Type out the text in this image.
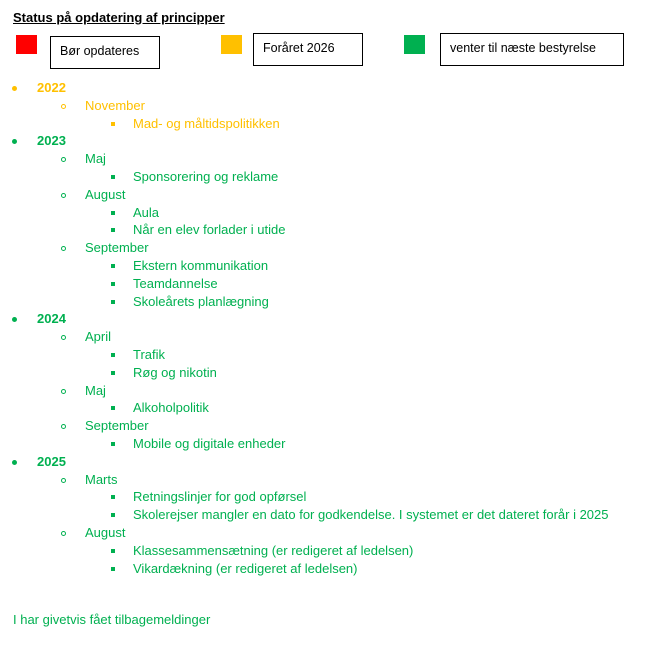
Status på opdatering af principper
Bør opdateres	Foråret 2026	venter til næste bestyrelse
2022
November
Mad- og måltidspolitikken
2023
Maj
Sponsorering og reklame
August
Aula
Når en elev forlader i utide
September
Ekstern kommunikation
Teamdannelse
Skoleårets planlægning
2024
April
Trafik
Røg og nikotin
Maj
Alkoholpolitik
September
Mobile og digitale enheder
2025
Marts
Retningslinjer for god opførsel
Skolerejser mangler en dato for godkendelse. I systemet er det dateret forår i 2025
August
Klassesammensætning (er redigeret af ledelsen)
Vikardækning (er redigeret af ledelsen)
I har givetvis fået tilbagemeldinger
